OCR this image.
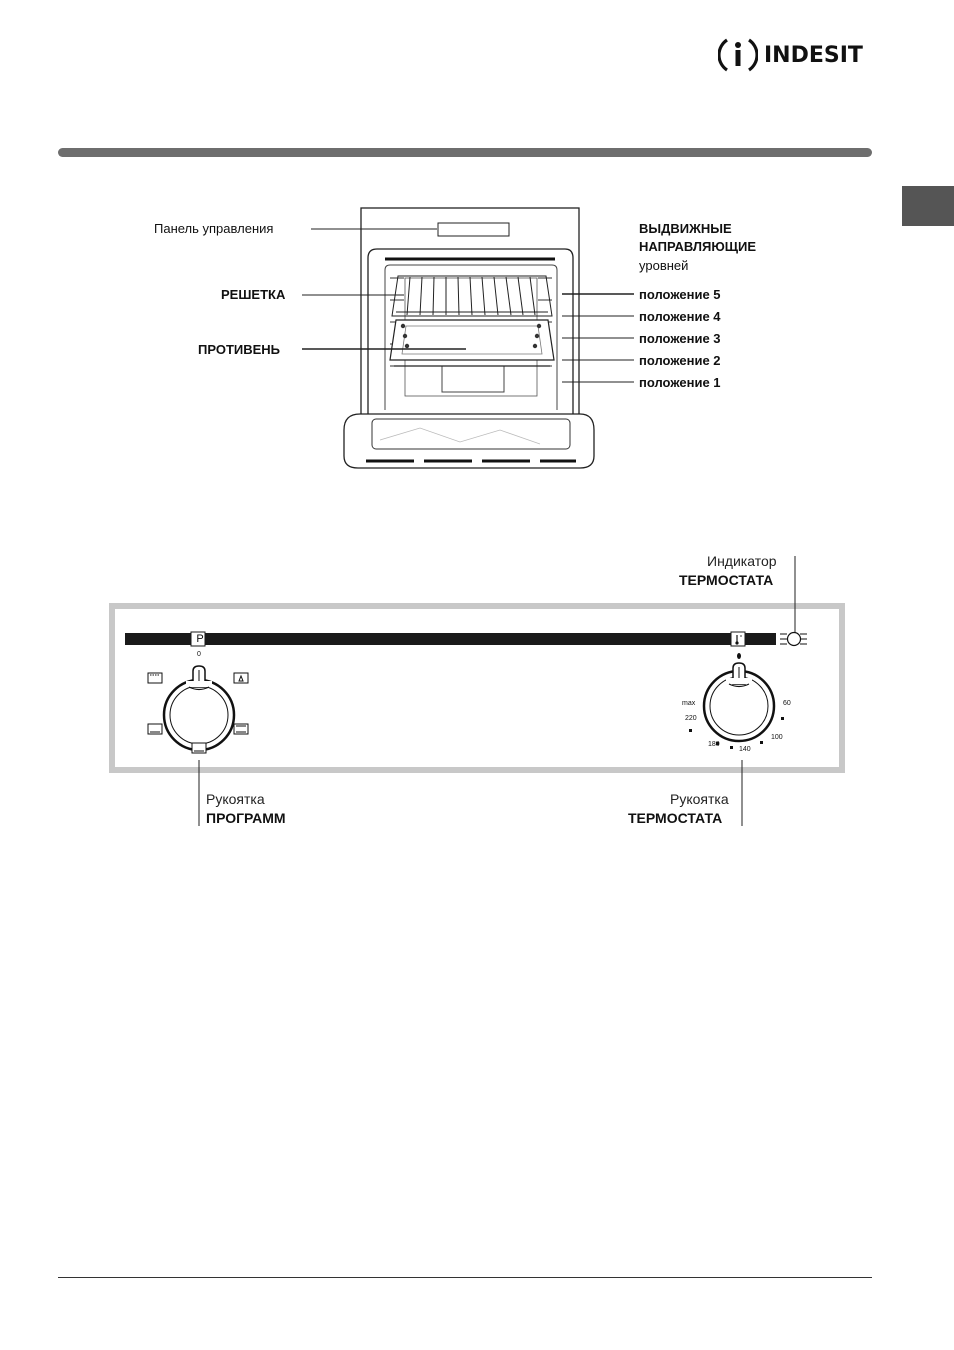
INDESIT
Панель управления
РЕШЕТКА
ПРОТИВЕНЬ
ВЫДВИЖНЫЕ
НАПРАВЛЯЮЩИЕ
уровней
положение 5
положение 4
положение 3
положение 2
положение 1
P
0
max
220
180
140
100
60
Индикатор
ТЕРМОСТАТА
Рукоятка
ПРОГРАММ
Рукоятка
ТЕРМОСТАТА
